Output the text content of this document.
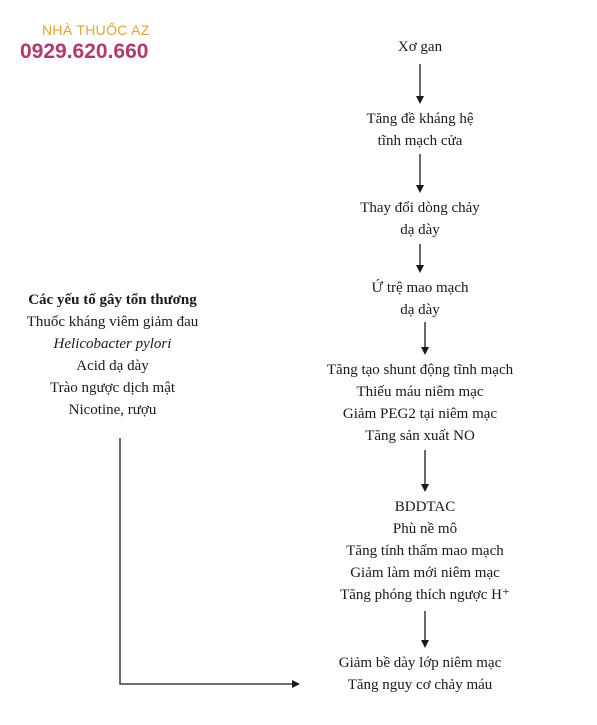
NHÀ THUỐC AZ
0929.620.660	Xơ gan
Tăng đề kháng hệ
tĩnh mạch cửa
Thay đổi dòng chảy
dạ dày
Ứ trệ mao mạch
dạ dày
Tăng tạo shunt động tĩnh mạch
Thiếu máu niêm mạc
Giảm PEG2 tại niêm mạc
Tăng sản xuất NO
BDDTAC
Phù nề mô
Tăng tính thấm mao mạch
Giảm làm mới niêm mạc
Tăng phóng thích ngược H⁺
Giảm bề dày lớp niêm mạc
Tăng nguy cơ chảy máu
Các yếu tố gây tổn thương
Thuốc kháng viêm giảm đau
Helicobacter pylori
Acid dạ dày
Trào ngược dịch mật
Nicotine, rượu
